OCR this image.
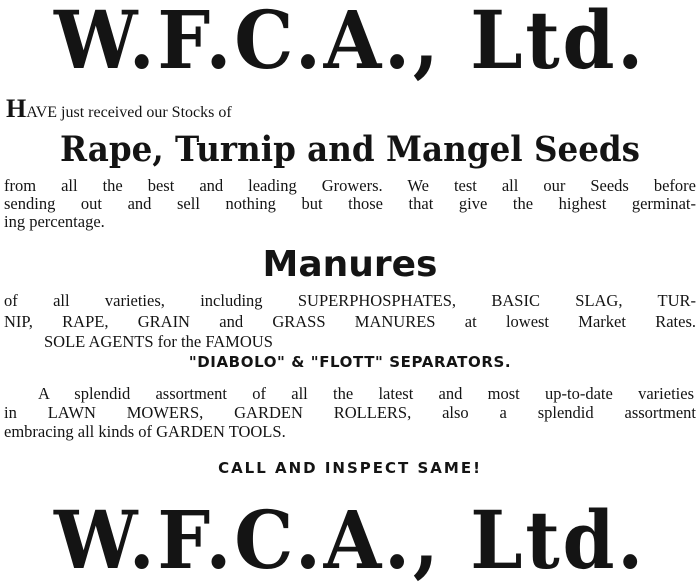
W.F.C.A., Ltd.
HAVE just received our Stocks of
Rape, Turnip and Mangel Seeds
from all the best and leading Growers. We test all our Seeds before
sending out and sell nothing but those that give the highest germinat-
ing percentage.
Manures
of all varieties, including SUPERPHOSPHATES, BASIC SLAG, TUR-
NIP, RAPE, GRAIN and GRASS MANURES at lowest Market Rates.
SOLE AGENTS for the FAMOUS
"DIABOLO" & "FLOTT" SEPARATORS.
A splendid assortment of all the latest and most up-to-date varieties
in LAWN MOWERS, GARDEN ROLLERS, also a splendid assortment
embracing all kinds of GARDEN TOOLS.
CALL AND INSPECT SAME!
W.F.C.A., Ltd.
